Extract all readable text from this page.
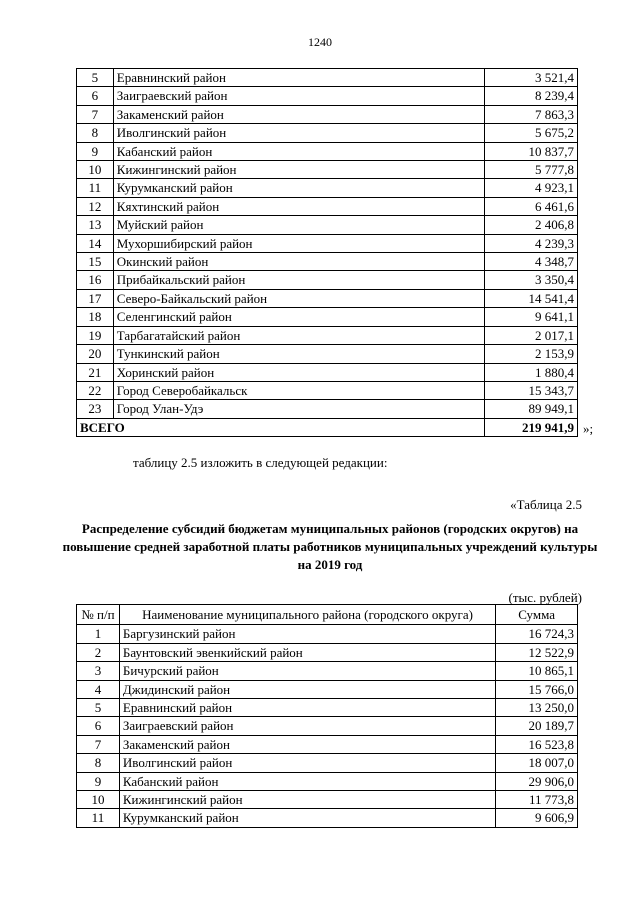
1240
5	Еравнинский район	3 521,4
6	Заиграевский район	8 239,4
7	Закаменский район	7 863,3
8	Иволгинский район	5 675,2
9	Кабанский район	10 837,7
10	Кижингинский район	5 777,8
11	Курумканский район	4 923,1
12	Кяхтинский район	6 461,6
13	Муйский район	2 406,8
14	Мухоршибирский район	4 239,3
15	Окинский район	4 348,7
16	Прибайкальский район	3 350,4
17	Северо-Байкальский район	14 541,4
18	Селенгинский район	9 641,1
19	Тарбагатайский район	2 017,1
20	Тункинский район	2 153,9
21	Хоринский район	1 880,4
22	Город Северобайкальск	15 343,7
23	Город Улан-Удэ	89 949,1
ВСЕГО		219 941,9 »;
таблицу 2.5 изложить в следующей редакции:
«Таблица 2.5
Распределение субсидий бюджетам муниципальных районов (городских округов) на повышение средней заработной платы работников муниципальных учреждений культуры на 2019 год
(тыс. рублей)
№ п/п	Наименование муниципального района (городского округа)	Сумма
1	Баргузинский район	16 724,3
2	Баунтовский эвенкийский район	12 522,9
3	Бичурский район	10 865,1
4	Джидинский район	15 766,0
5	Еравнинский район	13 250,0
6	Заиграевский район	20 189,7
7	Закаменский район	16 523,8
8	Иволгинский район	18 007,0
9	Кабанский район	29 906,0
10	Кижингинский район	11 773,8
11	Курумканский район	9 606,9
